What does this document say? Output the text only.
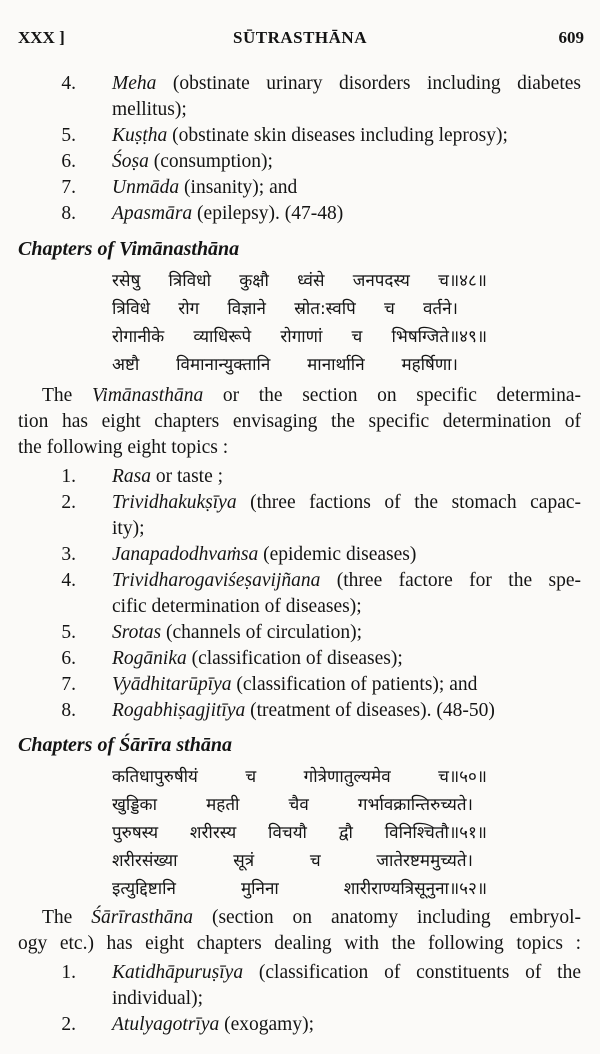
XXX ]	SŪTRASTHĀNA	609
4. Meha (obstinate urinary disorders including diabetes
mellitus);
5. Kuṣṭha (obstinate skin diseases including leprosy);
6. Śoṣa (consumption);
7. Unmāda (insanity); and
8. Apasmāra (epilepsy). (47-48)
Chapters of Vimānasthāna
रसेषु त्रिविधो कुक्षौ ध्वंसे जनपदस्य च॥४८॥
त्रिविधे रोग विज्ञाने स्रोत:स्वपि च वर्तने।
रोगानीके व्याधिरूपे रोगाणां च भिषग्जिते॥४९॥
अष्टौ विमानान्युक्तानि मानार्थानि महर्षिणा।
The Vimānasthāna or the section on specific determina-
tion has eight chapters envisaging the specific determination of
the following eight topics :
1. Rasa or taste ;
2. Trividhakukṣīya (three factions of the stomach capac-
ity);
3. Janapadodhvaṁsa (epidemic diseases)
4. Trividharogaviśeṣavijñana (three factore for the spe-
cific determination of diseases);
5. Srotas (channels of circulation);
6. Rogānika (classification of diseases);
7. Vyādhitarūpīya (classification of patients); and
8. Rogabhiṣagjitīya (treatment of diseases). (48-50)
Chapters of Śārīra sthāna
कतिधापुरुषीयं च गोत्रेणातुल्यमेव च॥५०॥
खुड्डिका महती चैव गर्भावक्रान्तिरुच्यते।
पुरुषस्य शरीरस्य विचयौ द्वौ विनिश्चितौ॥५१॥
शरीरसंख्या सूत्रं च जातेरष्टममुच्यते।
इत्युद्दिष्टानि मुनिना शारीराण्यत्रिसूनुना॥५२॥
The Śārīrasthāna (section on anatomy including embryol-
ogy etc.) has eight chapters dealing with the following topics :
1. Katidhāpuruṣīya (classification of constituents of the
individual);
2. Atulyagotrīya (exogamy);
